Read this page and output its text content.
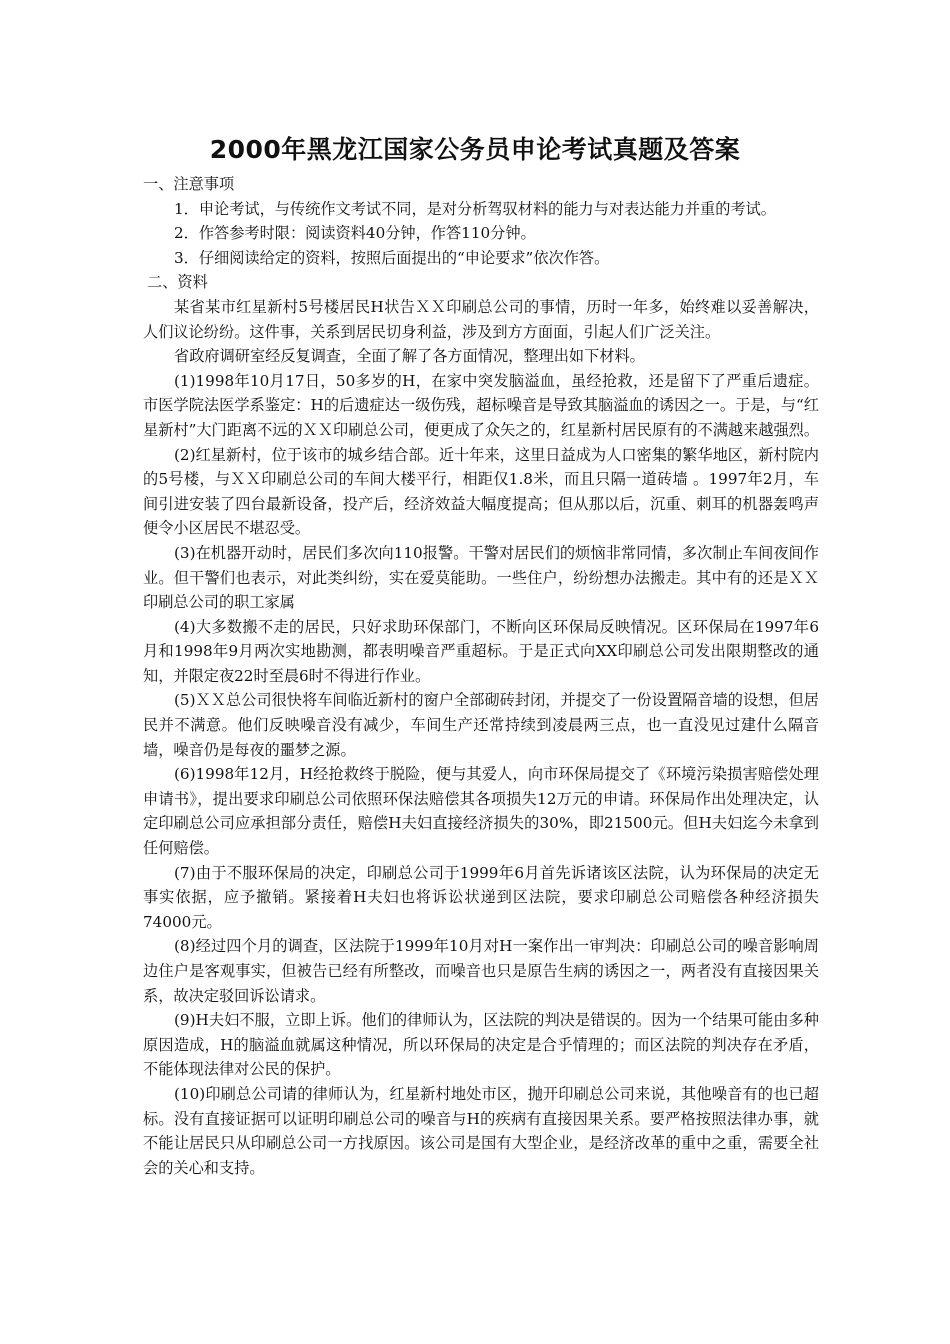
2000年黑龙江国家公务员申论考试真题及答案

一、注意事项

1．申论考试，与传统作文考试不同，是对分析驾驭材料的能力与对表达能力并重的考试。

2．作答参考时限：阅读资料40分钟，作答110分钟。

3．仔细阅读给定的资料，按照后面提出的“申论要求”依次作答。

二、资料

某省某市红星新村5号楼居民H状告ＸＸ印刷总公司的事情，历时一年多，始终难以妥善解决，人们议论纷纷。这件事，关系到居民切身利益，涉及到方方面面，引起人们广泛关注。

省政府调研室经反复调查，全面了解了各方面情况，整理出如下材料。

(1)1998年10月17日，50多岁的H，在家中突发脑溢血，虽经抢救，还是留下了严重后遗症。市医学院法医学系鉴定：H的后遗症达一级伤残，超标噪音是导致其脑溢血的诱因之一。于是，与“红星新村”大门距离不远的ＸＸ印刷总公司，便更成了众矢之的，红星新村居民原有的不满越来越强烈。

(2)红星新村，位于该市的城乡结合部。近十年来，这里日益成为人口密集的繁华地区，新村院内的5号楼，与ＸＸ印刷总公司的车间大楼平行，相距仅1.8米，而且只隔一道砖墙 。1997年2月，车间引进安装了四台最新设备，投产后，经济效益大幅度提高；但从那以后，沉重、刺耳的机器轰鸣声便令小区居民不堪忍受。

(3)在机器开动时，居民们多次向110报警。干警对居民们的烦恼非常同情，多次制止车间夜间作业。但干警们也表示，对此类纠纷，实在爱莫能助。一些住户，纷纷想办法搬走。其中有的还是ＸＸ印刷总公司的职工家属

(4)大多数搬不走的居民，只好求助环保部门，不断向区环保局反映情况。区环保局在1997年6月和1998年9月两次实地勘测，都表明噪音严重超标。于是正式向XX印刷总公司发出限期整改的通知，并限定夜22时至晨6时不得进行作业。

(5)ＸＸ总公司很快将车间临近新村的窗户全部砌砖封闭，并提交了一份设置隔音墙的设想，但居民并不满意。他们反映噪音没有减少，车间生产还常持续到凌晨两三点，也一直没见过建什么隔音墙，噪音仍是每夜的噩梦之源。

(6)1998年12月，H经抢救终于脱险，便与其爱人，向市环保局提交了《环境污染损害赔偿处理申请书》，提出要求印刷总公司依照环保法赔偿其各项损失12万元的申请。环保局作出处理决定，认定印刷总公司应承担部分责任，赔偿H夫妇直接经济损失的30%，即21500元。但H夫妇迄今未拿到任何赔偿。

(7)由于不服环保局的决定，印刷总公司于1999年6月首先诉诸该区法院，认为环保局的决定无事实依据，应予撤销。紧接着H夫妇也将诉讼状递到区法院，要求印刷总公司赔偿各种经济损失74000元。

(8)经过四个月的调查，区法院于1999年10月对H一案作出一审判决：印刷总公司的噪音影响周边住户是客观事实，但被告已经有所整改，而噪音也只是原告生病的诱因之一，两者没有直接因果关系，故决定驳回诉讼请求。

(9)H夫妇不服，立即上诉。他们的律师认为，区法院的判决是错误的。因为一个结果可能由多种原因造成，H的脑溢血就属这种情况，所以环保局的决定是合乎情理的；而区法院的判决存在矛盾，不能体现法律对公民的保护。

(10)印刷总公司请的律师认为，红星新村地处市区，抛开印刷总公司来说，其他噪音有的也已超标。没有直接证据可以证明印刷总公司的噪音与H的疾病有直接因果关系。要严格按照法律办事，就不能让居民只从印刷总公司一方找原因。该公司是国有大型企业，是经济改革的重中之重，需要全社会的关心和支持。
